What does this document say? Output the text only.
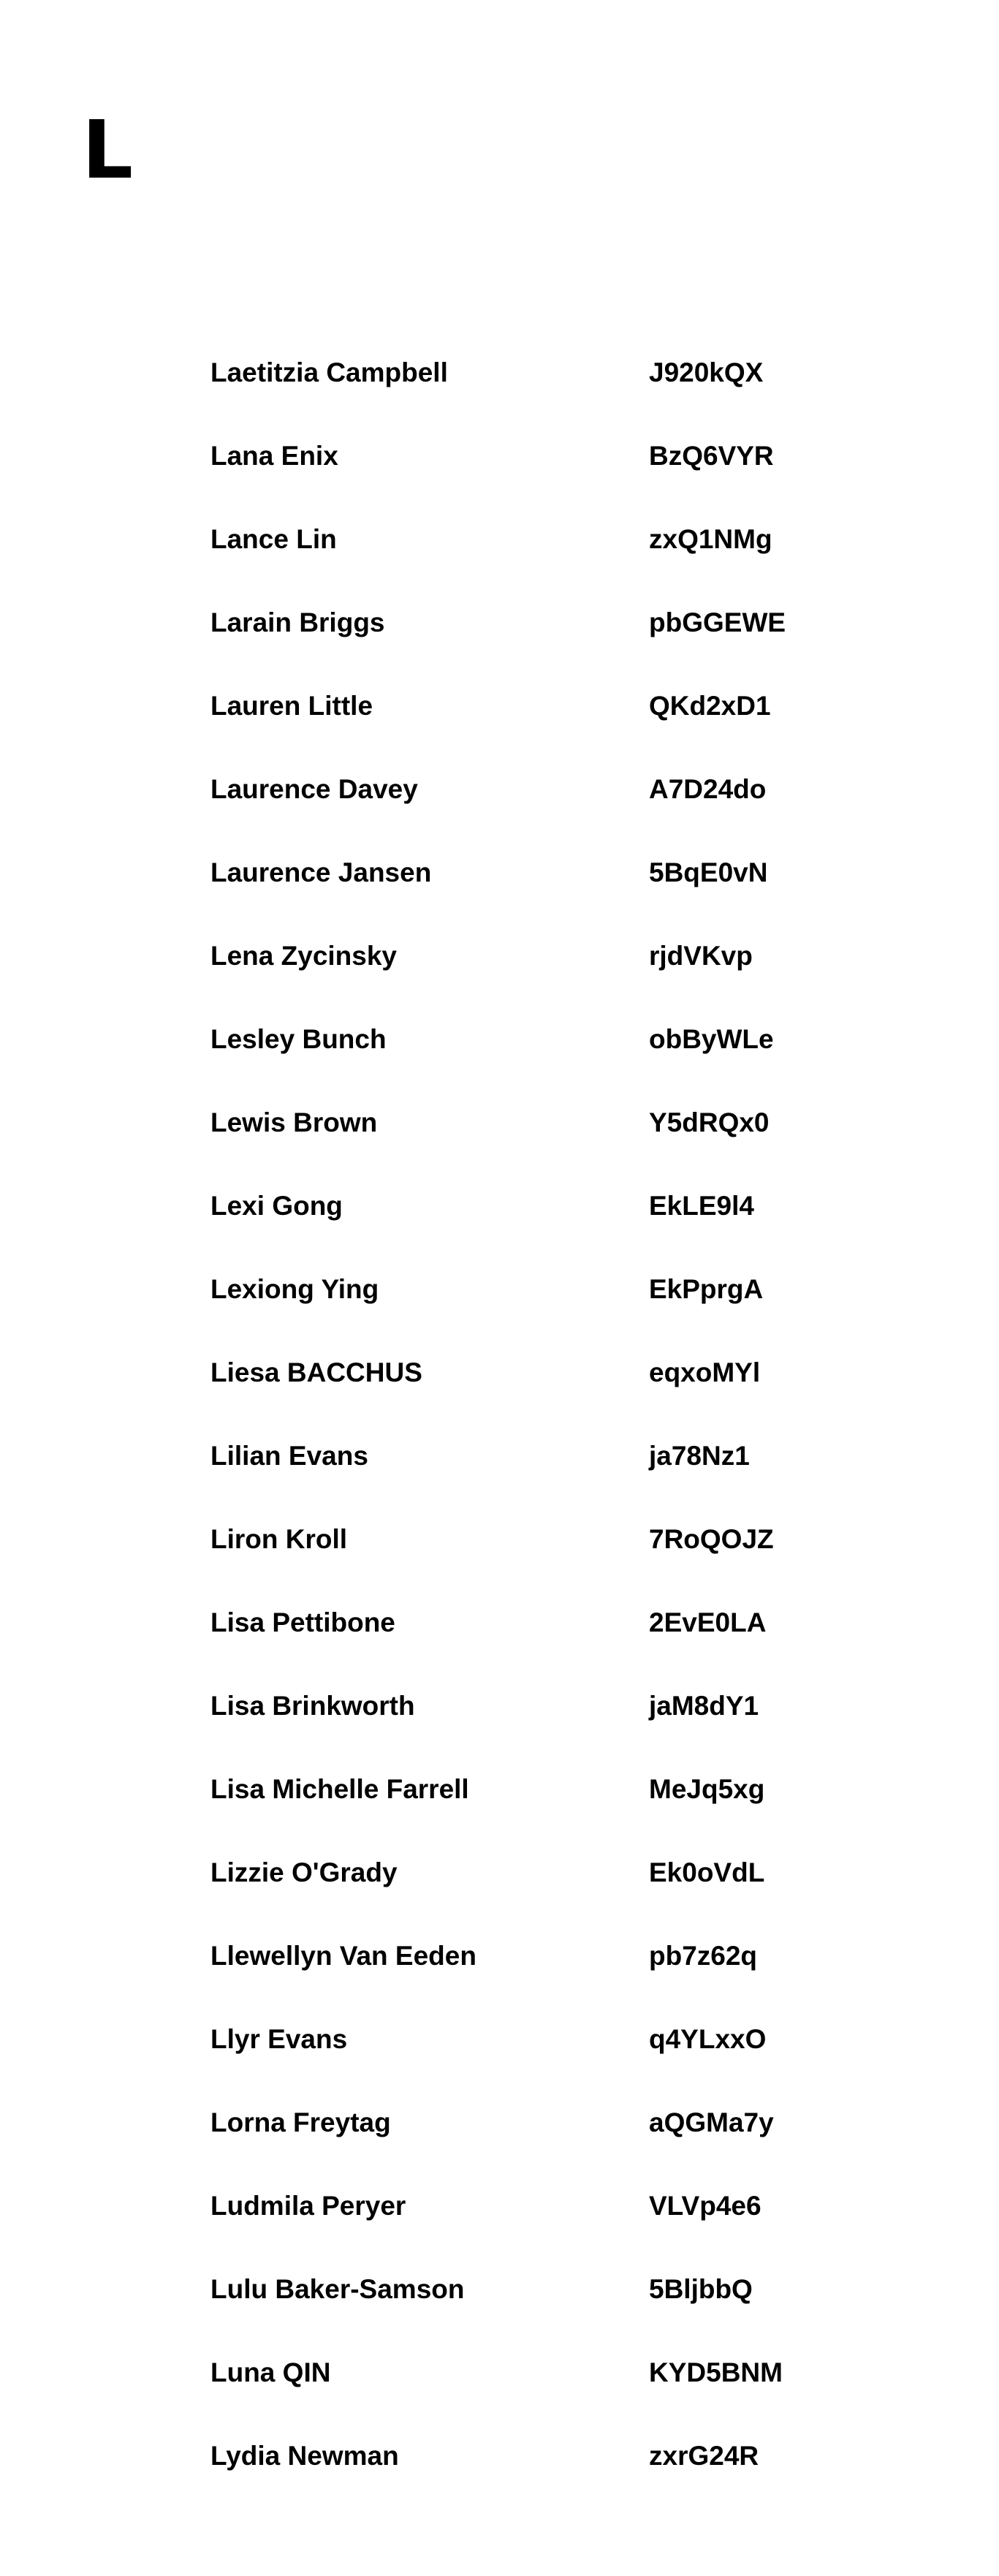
L
Laetitzia Campbell	J920kQX
Lana Enix	BzQ6VYR
Lance Lin	zxQ1NMg
Larain Briggs	pbGGEWE
Lauren Little	QKd2xD1
Laurence Davey	A7D24do
Laurence Jansen	5BqE0vN
Lena Zycinsky	rjdVKvp
Lesley Bunch	obByWLe
Lewis Brown	Y5dRQx0
Lexi Gong	EkLE9l4
Lexiong Ying	EkPprgA
Liesa BACCHUS	eqxoMYl
Lilian Evans	ja78Nz1
Liron Kroll	7RoQOJZ
Lisa Pettibone	2EvE0LA
Lisa Brinkworth	jaM8dY1
Lisa Michelle Farrell	MeJq5xg
Lizzie O'Grady	Ek0oVdL
Llewellyn Van Eeden	pb7z62q
Llyr Evans	q4YLxxO
Lorna Freytag	aQGMa7y
Ludmila Peryer	VLVp4e6
Lulu Baker-Samson	5BljbbQ
Luna QIN	KYD5BNM
Lydia Newman	zxrG24R
